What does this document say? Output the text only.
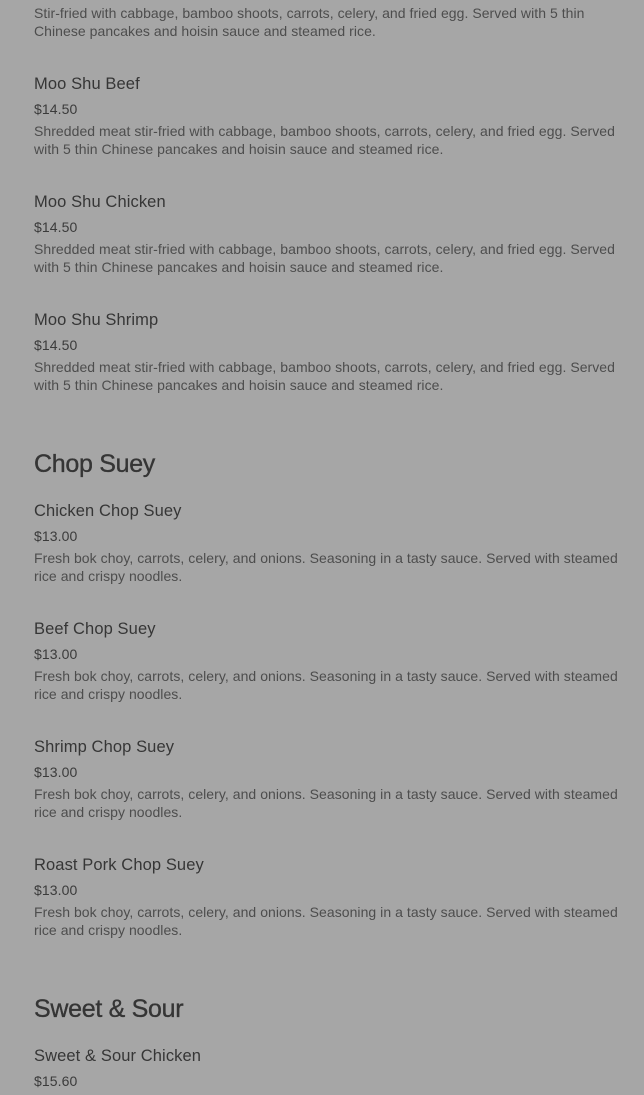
Stir-fried with cabbage, bamboo shoots, carrots, celery, and fried egg. Served with 5 thin Chinese pancakes and hoisin sauce and steamed rice.
Moo Shu Beef
$14.50
Shredded meat stir-fried with cabbage, bamboo shoots, carrots, celery, and fried egg. Served with 5 thin Chinese pancakes and hoisin sauce and steamed rice.
Moo Shu Chicken
$14.50
Shredded meat stir-fried with cabbage, bamboo shoots, carrots, celery, and fried egg. Served with 5 thin Chinese pancakes and hoisin sauce and steamed rice.
Moo Shu Shrimp
$14.50
Shredded meat stir-fried with cabbage, bamboo shoots, carrots, celery, and fried egg. Served with 5 thin Chinese pancakes and hoisin sauce and steamed rice.
Chop Suey
Chicken Chop Suey
$13.00
Fresh bok choy, carrots, celery, and onions. Seasoning in a tasty sauce. Served with steamed rice and crispy noodles.
Beef Chop Suey
$13.00
Fresh bok choy, carrots, celery, and onions. Seasoning in a tasty sauce. Served with steamed rice and crispy noodles.
Shrimp Chop Suey
$13.00
Fresh bok choy, carrots, celery, and onions. Seasoning in a tasty sauce. Served with steamed rice and crispy noodles.
Roast Pork Chop Suey
$13.00
Fresh bok choy, carrots, celery, and onions. Seasoning in a tasty sauce. Served with steamed rice and crispy noodles.
Sweet & Sour
Sweet & Sour Chicken
$15.60
